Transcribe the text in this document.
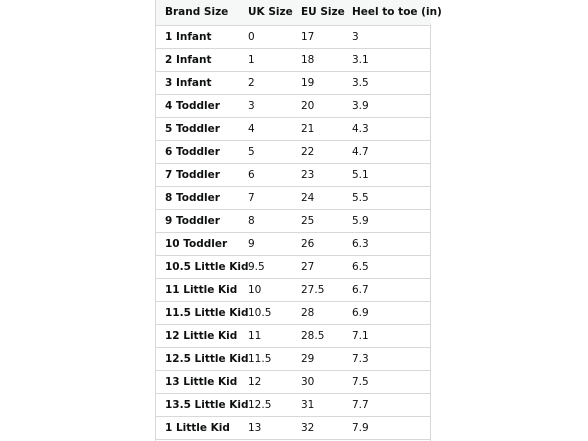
Brand Size	UK Size	EU Size	Heel to toe (in)
1 Infant	0	17	3
2 Infant	1	18	3.1
3 Infant	2	19	3.5
4 Toddler	3	20	3.9
5 Toddler	4	21	4.3
6 Toddler	5	22	4.7
7 Toddler	6	23	5.1
8 Toddler	7	24	5.5
9 Toddler	8	25	5.9
10 Toddler	9	26	6.3
10.5 Little Kid	9.5	27	6.5
11 Little Kid	10	27.5	6.7
11.5 Little Kid	10.5	28	6.9
12 Little Kid	11	28.5	7.1
12.5 Little Kid	11.5	29	7.3
13 Little Kid	12	30	7.5
13.5 Little Kid	12.5	31	7.7
1 Little Kid	13	32	7.9
